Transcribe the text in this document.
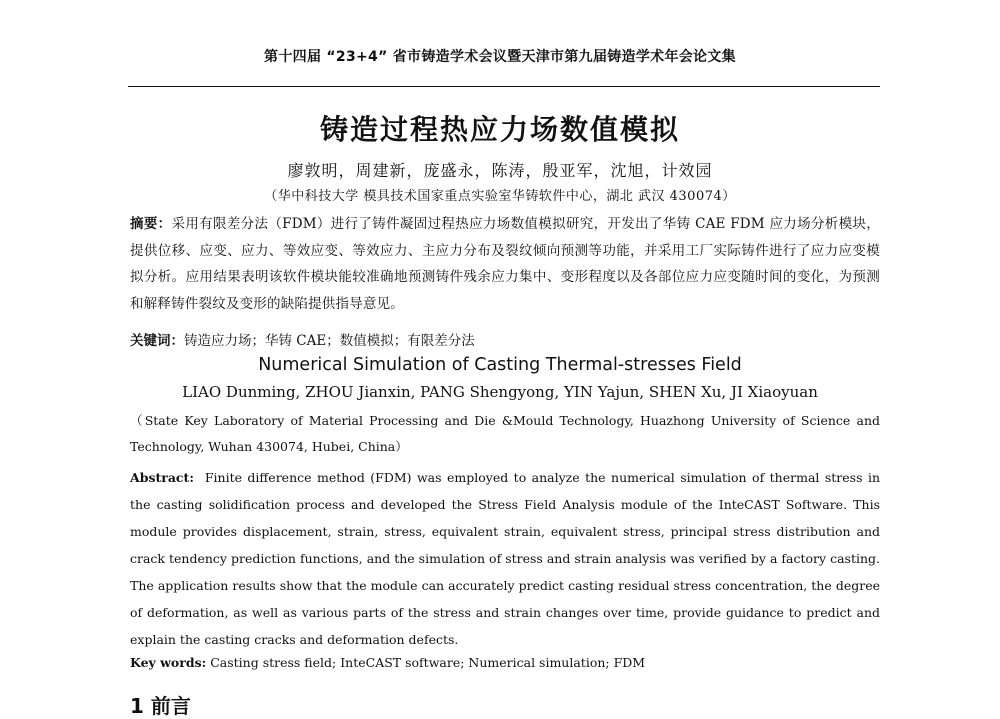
第十四届 “23+4” 省市铸造学术会议暨天津市第九届铸造学术年会论文集
铸造过程热应力场数值模拟
廖敦明，周建新，庞盛永，陈涛，殷亚军，沈旭，计效园
（华中科技大学 模具技术国家重点实验室华铸软件中心，湖北 武汉 430074）
摘要：采用有限差分法（FDM）进行了铸件凝固过程热应力场数值模拟研究，开发出了华铸 CAE FDM 应力场分析模块，提供位移、应变、应力、等效应变、等效应力、主应力分布及裂纹倾向预测等功能，并采用工厂实际铸件进行了应力应变模拟分析。应用结果表明该软件模块能较准确地预测铸件残余应力集中、变形程度以及各部位应力应变随时间的变化，为预测和解释铸件裂纹及变形的缺陷提供指导意见。
关键词：铸造应力场；华铸 CAE；数值模拟；有限差分法
Numerical Simulation of Casting Thermal-stresses Field
LIAO Dunming, ZHOU Jianxin, PANG Shengyong, YIN Yajun, SHEN Xu, JI Xiaoyuan
（State Key Laboratory of Material Processing and Die &Mould Technology, Huazhong University of Science and Technology, Wuhan 430074, Hubei, China）
Abstract: Finite difference method (FDM) was employed to analyze the numerical simulation of thermal stress in the casting solidification process and developed the Stress Field Analysis module of the InteCAST Software. This module provides displacement, strain, stress, equivalent strain, equivalent stress, principal stress distribution and crack tendency prediction functions, and the simulation of stress and strain analysis was verified by a factory casting. The application results show that the module can accurately predict casting residual stress concentration, the degree of deformation, as well as various parts of the stress and strain changes over time, provide guidance to predict and explain the casting cracks and deformation defects.
Key words: Casting stress field; InteCAST software; Numerical simulation; FDM
1 前言
